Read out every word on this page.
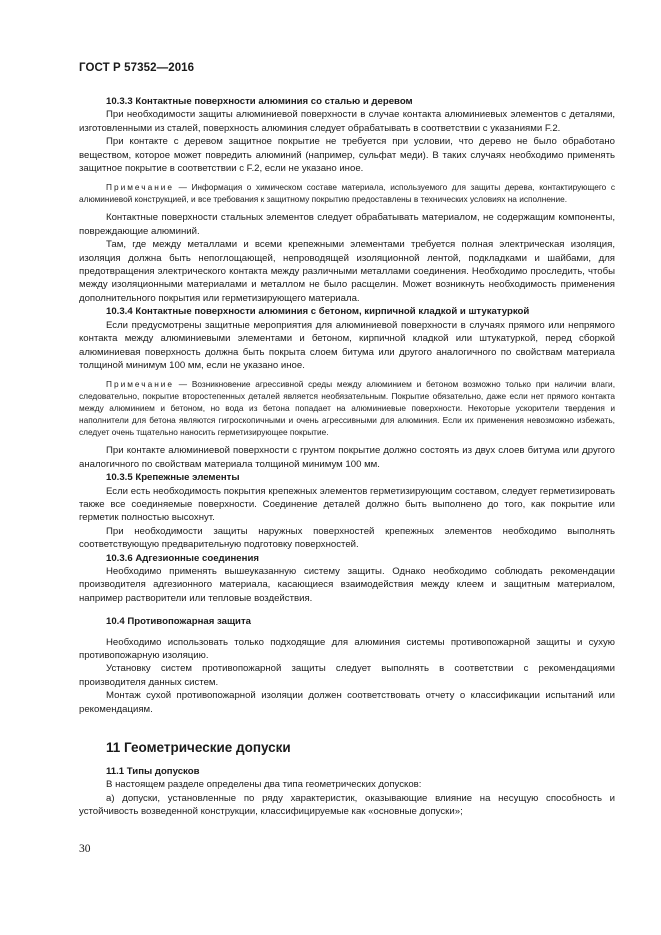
ГОСТ Р 57352—2016
10.3.3 Контактные поверхности алюминия со сталью и деревом

При необходимости защиты алюминиевой поверхности в случае контакта алюминиевых элементов с деталями, изготовленными из сталей, поверхность алюминия следует обрабатывать в соответствии с указаниями F.2.

При контакте с деревом защитное покрытие не требуется при условии, что дерево не было обработано веществом, которое может повредить алюминий (например, сульфат меди). В таких случаях необходимо применять защитное покрытие в соответствии с F.2, если не указано иное.

Примечание — Информация о химическом составе материала, используемого для защиты дерева, контактирующего с алюминиевой конструкцией, и все требования к защитному покрытию предоставлены в технических условиях на исполнение.

Контактные поверхности стальных элементов следует обрабатывать материалом, не содержащим компоненты, повреждающие алюминий.

Там, где между металлами и всеми крепежными элементами требуется полная электрическая изоляция, изоляция должна быть непоглощающей, непроводящей изоляционной лентой, подкладками и шайбами, для предотвращения электрического контакта между различными металлами соединения. Необходимо проследить, чтобы между изоляционными материалами и металлом не было расщелин. Может возникнуть необходимость применения дополнительного покрытия или герметизирующего материала.

10.3.4 Контактные поверхности алюминия с бетоном, кирпичной кладкой и штукатуркой

Если предусмотрены защитные мероприятия для алюминиевой поверхности в случаях прямого или непрямого контакта между алюминиевыми элементами и бетоном, кирпичной кладкой или штукатуркой, перед сборкой алюминиевая поверхность должна быть покрыта слоем битума или другого аналогичного по свойствам материала толщиной минимум 100 мм, если не указано иное.

Примечание — Возникновение агрессивной среды между алюминием и бетоном возможно только при наличии влаги, следовательно, покрытие второстепенных деталей является необязательным. Покрытие обязательно, даже если нет прямого контакта между алюминием и бетоном, но вода из бетона попадает на алюминиевые поверхности. Некоторые ускорители твердения и наполнители для бетона являются гигроскопичными и очень агрессивными для алюминия. Если их применения невозможно избежать, следует очень тщательно наносить герметизирующее покрытие.

При контакте алюминиевой поверхности с грунтом покрытие должно состоять из двух слоев битума или другого аналогичного по свойствам материала толщиной минимум 100 мм.

10.3.5 Крепежные элементы

Если есть необходимость покрытия крепежных элементов герметизирующим составом, следует герметизировать также все соединяемые поверхности. Соединение деталей должно быть выполнено до того, как покрытие или герметик полностью высохнут.

При необходимости защиты наружных поверхностей крепежных элементов необходимо выполнять соответствующую предварительную подготовку поверхностей.

10.3.6 Адгезионные соединения

Необходимо применять вышеуказанную систему защиты. Однако необходимо соблюдать рекомендации производителя адгезионного материала, касающиеся взаимодействия между клеем и защитным материалом, например растворители или тепловые воздействия.

10.4 Противопожарная защита

Необходимо использовать только подходящие для алюминия системы противопожарной защиты и сухую противопожарную изоляцию.

Установку систем противопожарной защиты следует выполнять в соответствии с рекомендациями производителя данных систем.

Монтаж сухой противопожарной изоляции должен соответствовать отчету о классификации испытаний или рекомендациям.

11 Геометрические допуски
11.1 Типы допусков

В настоящем разделе определены два типа геометрических допусков:

а) допуски, установленные по ряду характеристик, оказывающие влияние на несущую способность и устойчивость возведенной конструкции, классифицируемые как «основные допуски»;

30
